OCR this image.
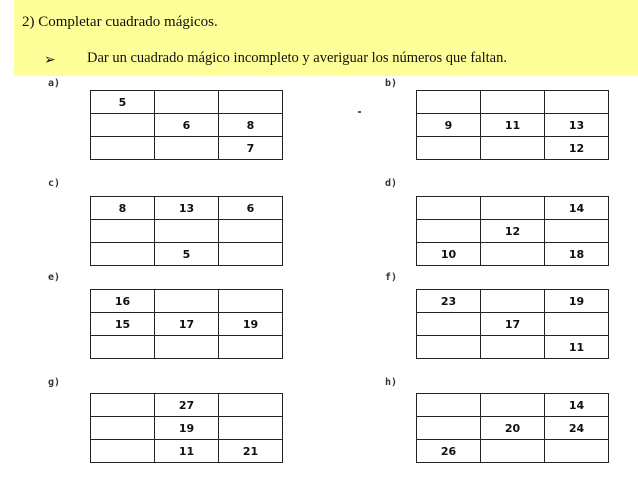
2) Completar cuadrado mágicos.
➢ Dar un cuadrado mágico incompleto y averiguar los números que faltan.
a)
5		
	6	8
		7
b)

9	11	13
		12
c)
8	13	6

	5	
d)
		14
	12	
10		18
e)
16		
15	17	19

f)
23		19
	17	
		11
g)
	27	
	19	
	11	21
h)
		14
	20	24
26		
